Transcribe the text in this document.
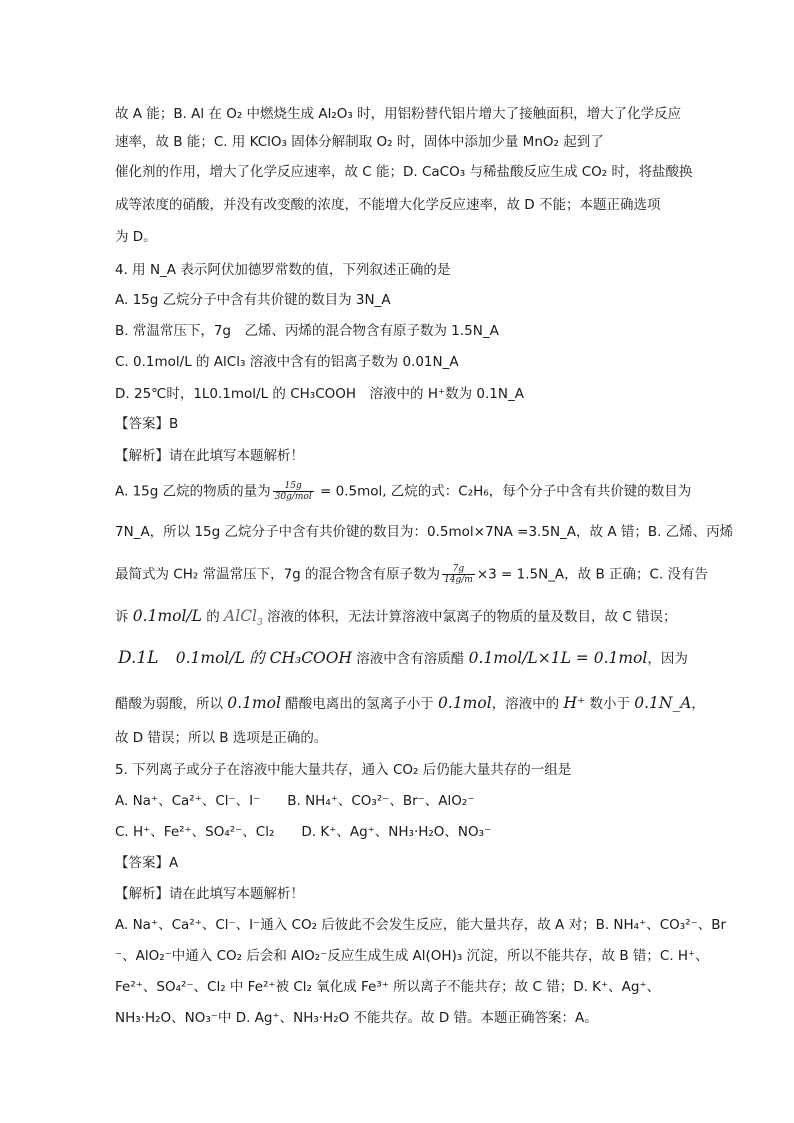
故 A 能；B. Al 在 O₂ 中燃烧生成 Al₂O₃ 时，用铝粉替代铝片增大了接触面积，增大了化学反应
速率，故 B 能；C. 用 KClO₃ 固体分解制取 O₂ 时，固体中添加少量 MnO₂ 起到了
催化剂的作用，增大了化学反应速率，故 C 能；D. CaCO₃ 与稀盐酸反应生成 CO₂ 时，将盐酸换
成等浓度的硝酸，并没有改变酸的浓度，不能增大化学反应速率，故 D 不能；本题正确选项
为 D。
4. 用 N_A 表示阿伏加德罗常数的值，下列叙述正确的是
A. 15g 乙烷分子中含有共价键的数目为 3N_A
B. 常温常压下，7g　乙烯、丙烯的混合物含有原子数为 1.5N_A
C. 0.1mol/L 的 AlCl₃ 溶液中含有的铝离子数为 0.01N_A
D. 25℃时，1L0.1mol/L 的 CH₃COOH　溶液中的 H⁺数为 0.1N_A
【答案】B
【解析】请在此填写本题解析！
A. 15g 乙烷的物质的量为 $\frac{15g}{\text{30g/mol}} = 0.5mol$, 乙烷的式：C₂H₆，每个分子中含有共价键的数目为
7N_A，所以 15g 乙烷分子中含有共价键的数目为：0.5mol×7NA =3.5N_A，故 A 错；B. 乙烯、丙烯
最简式为 CH₂ 常温常压下，7g 的混合物含有原子数为 $\frac{7g}{14g/m} \times 3$ = 1.5N_A，故 B 正确；C. 没有告
诉 0.1mol/L 的 AlCl$_3$ 溶液的体积，无法计算溶液中氯离子的物质的量及数目，故 C 错误；
D.1L 0.1mol/L 的 CH₃COOH 溶液中含有溶质醋 0.1mol/L×1L = 0.1mol，因为
醋酸为弱酸，所以 0.1mol 醋酸电离出的氢离子小于 0.1mol，溶液中的 H⁺ 数小于 0.1N_A，
故 D 错误；所以 B 选项是正确的。
5. 下列离子或分子在溶液中能大量共存，通入 CO₂ 后仍能大量共存的一组是
A. Na⁺、Ca²⁺、Cl⁻、I⁻　　B. NH₄⁺、CO₃²⁻、Br⁻、AlO₂⁻
C. H⁺、Fe²⁺、SO₄²⁻、Cl₂　　D. K⁺、Ag⁺、NH₃·H₂O、NO₃⁻
【答案】A
【解析】请在此填写本题解析！
A. Na⁺、Ca²⁺、Cl⁻、I⁻通入 CO₂ 后彼此不会发生反应，能大量共存，故 A 对；B. NH₄⁺、CO₃²⁻、Br
⁻、AlO₂⁻中通入 CO₂ 后会和 AlO₂⁻反应生成生成 Al(OH)₃ 沉淀，所以不能共存，故 B 错；C. H⁺、
Fe²⁺、SO₄²⁻、Cl₂ 中 Fe²⁺被 Cl₂ 氧化成 Fe³⁺ 所以离子不能共存；故 C 错；D. K⁺、Ag⁺、
NH₃·H₂O、NO₃⁻中 D. Ag⁺、NH₃·H₂O 不能共存。故 D 错。本题正确答案：A。
